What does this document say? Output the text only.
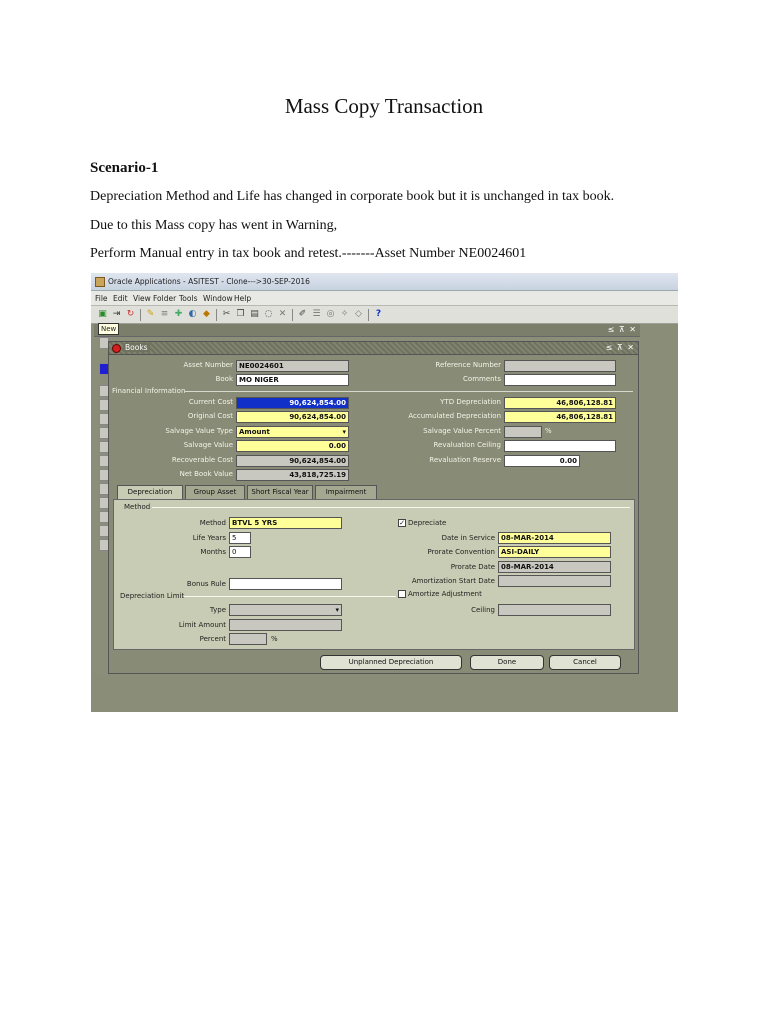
Mass Copy Transaction
Scenario-1
Depreciation Method and Life has changed in corporate book but it is unchanged in tax book.
Due to this Mass copy has went in Warning,
Perform Manual entry in tax book and retest.-------Asset Number NE0024601
Oracle Applications - ASITEST - Clone--->30-SEP-2016
File Edit View Folder Tools Window Help
▣ ⇥ ↻ ✎ ≡ ✚ ◐ ◆ ✂ ❐ ▤ ◌ ✕ ✐ ☰ ◎ ✧ ◇	?
≤ ⊼ ✕
New
Books	≤ ⊼ ✕
Asset Number NE0024601
Book MO NIGER
Reference Number
Comments
Financial Information
Current Cost	90,624,854.00
Original Cost	90,624,854.00
Salvage Value Type Amount	▾
Salvage Value	0.00
Recoverable Cost	90,624,854.00
Net Book Value	43,818,725.19
YTD Depreciation	46,806,128.81
Accumulated Depreciation	46,806,128.81
Salvage Value Percent	%
Revaluation Ceiling
Revaluation Reserve	0.00
Depreciation	Group Asset	Short Fiscal Year	Impairment
Method
Method BTVL 5 YRS
Life Years 5
Months 0
Bonus Rule
Depreciation Limit
Type	▾
Limit Amount
Percent	%
✓ Depreciate
Date in Service 08-MAR-2014
Prorate Convention ASI-DAILY
Prorate Date 08-MAR-2014
Amortization Start Date
Amortize Adjustment
Ceiling
Unplanned Depreciation	Done	Cancel
